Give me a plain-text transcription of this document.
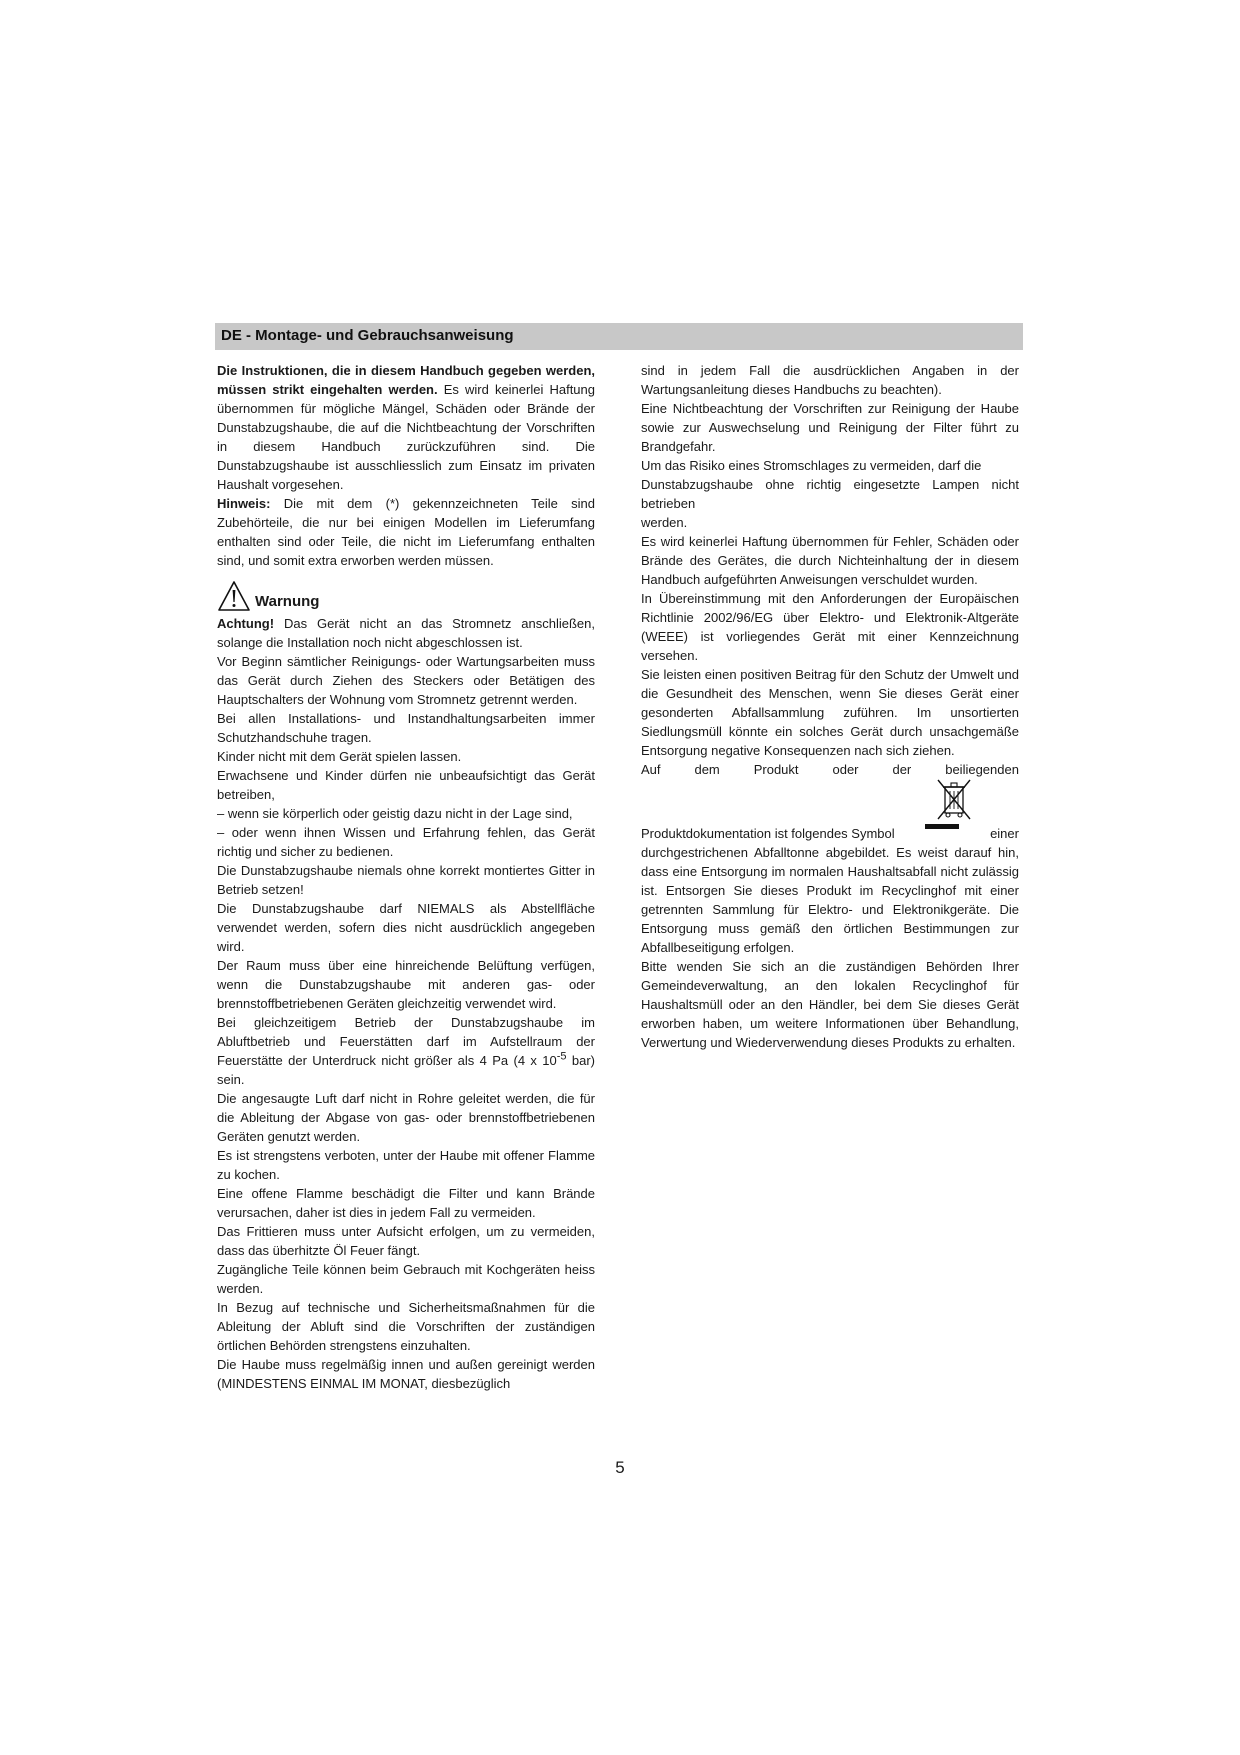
DE - Montage- und Gebrauchsanweisung

Die Instruktionen, die in diesem Handbuch gegeben werden, müssen strikt eingehalten werden. Es wird keinerlei Haftung übernommen für mögliche Mängel, Schäden oder Brände der Dunstabzugshaube, die auf die Nichtbeachtung der Vorschriften in diesem Handbuch zurückzuführen sind. Die Dunstabzugshaube ist ausschliesslich zum Einsatz im privaten Haushalt vorgesehen.

Hinweis: Die mit dem (*) gekennzeichneten Teile sind Zubehörteile, die nur bei einigen Modellen im Lieferumfang enthalten sind oder Teile, die nicht im Lieferumfang enthalten sind, und somit extra erworben werden müssen.

Warnung

Achtung! Das Gerät nicht an das Stromnetz anschließen, solange die Installation noch nicht abgeschlossen ist.

Vor Beginn sämtlicher Reinigungs- oder Wartungsarbeiten muss das Gerät durch Ziehen des Steckers oder Betätigen des Hauptschalters der Wohnung vom Stromnetz getrennt werden.

Bei allen Installations- und Instandhaltungsarbeiten immer Schutzhandschuhe tragen.

Kinder nicht mit dem Gerät spielen lassen.

Erwachsene und Kinder dürfen nie unbeaufsichtigt das Gerät betreiben,

– wenn sie körperlich oder geistig dazu nicht in der Lage sind,

– oder wenn ihnen Wissen und Erfahrung fehlen, das Gerät richtig und sicher zu bedienen.

Die Dunstabzugshaube niemals ohne korrekt montiertes Gitter in Betrieb setzen!

Die Dunstabzugshaube darf NIEMALS als Abstellfläche verwendet werden, sofern dies nicht ausdrücklich angegeben wird.

Der Raum muss über eine hinreichende Belüftung verfügen, wenn die Dunstabzugshaube mit anderen gas- oder brennstoffbetriebenen Geräten gleichzeitig verwendet wird.

Bei gleichzeitigem Betrieb der Dunstabzugshaube im Abluftbetrieb und Feuerstätten darf im Aufstellraum der Feuerstätte der Unterdruck nicht größer als 4 Pa (4 x $10^{-5}$ bar) sein.

Die angesaugte Luft darf nicht in Rohre geleitet werden, die für die Ableitung der Abgase von gas- oder brennstoffbetriebenen Geräten genutzt werden.

Es ist strengstens verboten, unter der Haube mit offener Flamme zu kochen.

Eine offene Flamme beschädigt die Filter und kann Brände verursachen, daher ist dies in jedem Fall zu vermeiden.

Das Frittieren muss unter Aufsicht erfolgen, um zu vermeiden, dass das überhitzte Öl Feuer fängt.

Zugängliche Teile können beim Gebrauch mit Kochgeräten heiss werden.

In Bezug auf technische und Sicherheitsmaßnahmen für die Ableitung der Abluft sind die Vorschriften der zuständigen örtlichen Behörden strengstens einzuhalten.

Die Haube muss regelmäßig innen und außen gereinigt werden (MINDESTENS EINMAL IM MONAT, diesbezüglich

sind in jedem Fall die ausdrücklichen Angaben in der Wartungsanleitung dieses Handbuchs zu beachten).

Eine Nichtbeachtung der Vorschriften zur Reinigung der Haube sowie zur Auswechselung und Reinigung der Filter führt zu Brandgefahr.

Um das Risiko eines Stromschlages zu vermeiden, darf die

Dunstabzugshaube ohne richtig eingesetzte Lampen nicht betrieben

werden.

Es wird keinerlei Haftung übernommen für Fehler, Schäden oder Brände des Gerätes, die durch Nichteinhaltung der in diesem Handbuch aufgeführten Anweisungen verschuldet wurden.

In Übereinstimmung mit den Anforderungen der Europäischen Richtlinie 2002/96/EG über Elektro- und Elektronik-Altgeräte (WEEE) ist vorliegendes Gerät mit einer Kennzeichnung versehen.

Sie leisten einen positiven Beitrag für den Schutz der Umwelt und die Gesundheit des Menschen, wenn Sie dieses Gerät einer gesonderten Abfallsammlung zuführen. Im unsortierten Siedlungsmüll könnte ein solches Gerät durch unsachgemäße Entsorgung negative Konsequenzen nach sich ziehen.

Auf	dem	Produkt	oder	der	beiliegenden
Produktdokumentation ist folgendes Symbol	einer

durchgestrichenen Abfalltonne abgebildet. Es weist darauf hin, dass eine Entsorgung im normalen Haushaltsabfall nicht zulässig ist. Entsorgen Sie dieses Produkt im Recyclinghof mit einer getrennten Sammlung für Elektro- und Elektronikgeräte. Die Entsorgung muss gemäß den örtlichen Bestimmungen zur Abfallbeseitigung erfolgen.

Bitte wenden Sie sich an die zuständigen Behörden Ihrer Gemeindeverwaltung, an den lokalen Recyclinghof für Haushaltsmüll oder an den Händler, bei dem Sie dieses Gerät erworben haben, um weitere Informationen über Behandlung, Verwertung und Wiederverwendung dieses Produkts zu erhalten.

5
